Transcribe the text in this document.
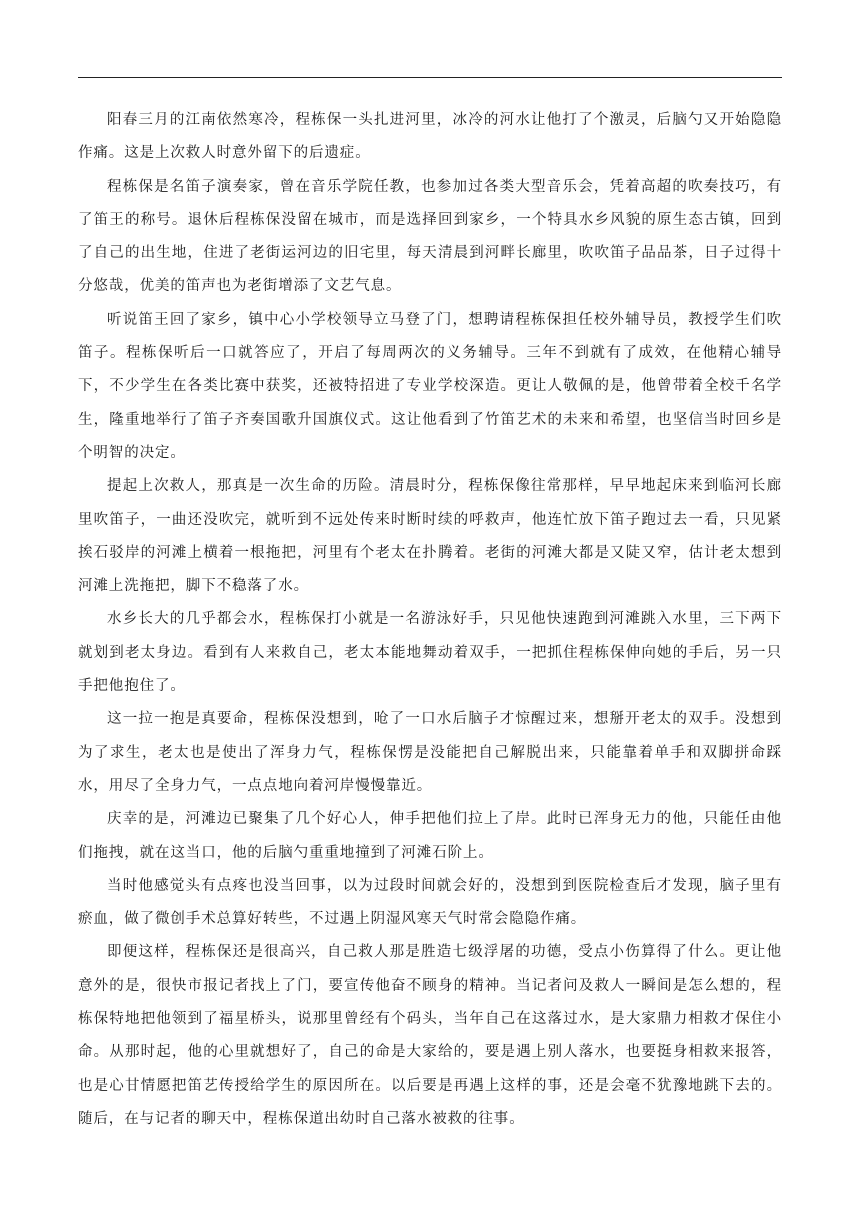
阳春三月的江南依然寒冷，程栋保一头扎进河里，冰冷的河水让他打了个激灵，后脑勺又开始隐隐作痛。这是上次救人时意外留下的后遗症。

程栋保是名笛子演奏家，曾在音乐学院任教，也参加过各类大型音乐会，凭着高超的吹奏技巧，有了笛王的称号。退休后程栋保没留在城市，而是选择回到家乡，一个特具水乡风貌的原生态古镇，回到了自己的出生地，住进了老街运河边的旧宅里，每天清晨到河畔长廊里，吹吹笛子品品茶，日子过得十分悠哉，优美的笛声也为老街增添了文艺气息。

听说笛王回了家乡，镇中心小学校领导立马登了门，想聘请程栋保担任校外辅导员，教授学生们吹笛子。程栋保听后一口就答应了，开启了每周两次的义务辅导。三年不到就有了成效，在他精心辅导下，不少学生在各类比赛中获奖，还被特招进了专业学校深造。更让人敬佩的是，他曾带着全校千名学生，隆重地举行了笛子齐奏国歌升国旗仪式。这让他看到了竹笛艺术的未来和希望，也坚信当时回乡是个明智的决定。

提起上次救人，那真是一次生命的历险。清晨时分，程栋保像往常那样，早早地起床来到临河长廊里吹笛子，一曲还没吹完，就听到不远处传来时断时续的呼救声，他连忙放下笛子跑过去一看，只见紧挨石驳岸的河滩上横着一根拖把，河里有个老太在扑腾着。老街的河滩大都是又陡又窄，估计老太想到河滩上洗拖把，脚下不稳落了水。

水乡长大的几乎都会水，程栋保打小就是一名游泳好手，只见他快速跑到河滩跳入水里，三下两下就划到老太身边。看到有人来救自己，老太本能地舞动着双手，一把抓住程栋保伸向她的手后，另一只手把他抱住了。

这一拉一抱是真要命，程栋保没想到，呛了一口水后脑子才惊醒过来，想掰开老太的双手。没想到为了求生，老太也是使出了浑身力气，程栋保愣是没能把自己解脱出来，只能靠着单手和双脚拼命踩水，用尽了全身力气，一点点地向着河岸慢慢靠近。

庆幸的是，河滩边已聚集了几个好心人，伸手把他们拉上了岸。此时已浑身无力的他，只能任由他们拖拽，就在这当口，他的后脑勺重重地撞到了河滩石阶上。

当时他感觉头有点疼也没当回事，以为过段时间就会好的，没想到到医院检查后才发现，脑子里有瘀血，做了微创手术总算好转些，不过遇上阴湿风寒天气时常会隐隐作痛。

即便这样，程栋保还是很高兴，自己救人那是胜造七级浮屠的功德，受点小伤算得了什么。更让他意外的是，很快市报记者找上了门，要宣传他奋不顾身的精神。当记者问及救人一瞬间是怎么想的，程栋保特地把他领到了福星桥头，说那里曾经有个码头，当年自己在这落过水，是大家鼎力相救才保住小命。从那时起，他的心里就想好了，自己的命是大家给的，要是遇上别人落水，也要挺身相救来报答，也是心甘情愿把笛艺传授给学生的原因所在。以后要是再遇上这样的事，还是会毫不犹豫地跳下去的。随后，在与记者的聊天中，程栋保道出幼时自己落水被救的往事。
